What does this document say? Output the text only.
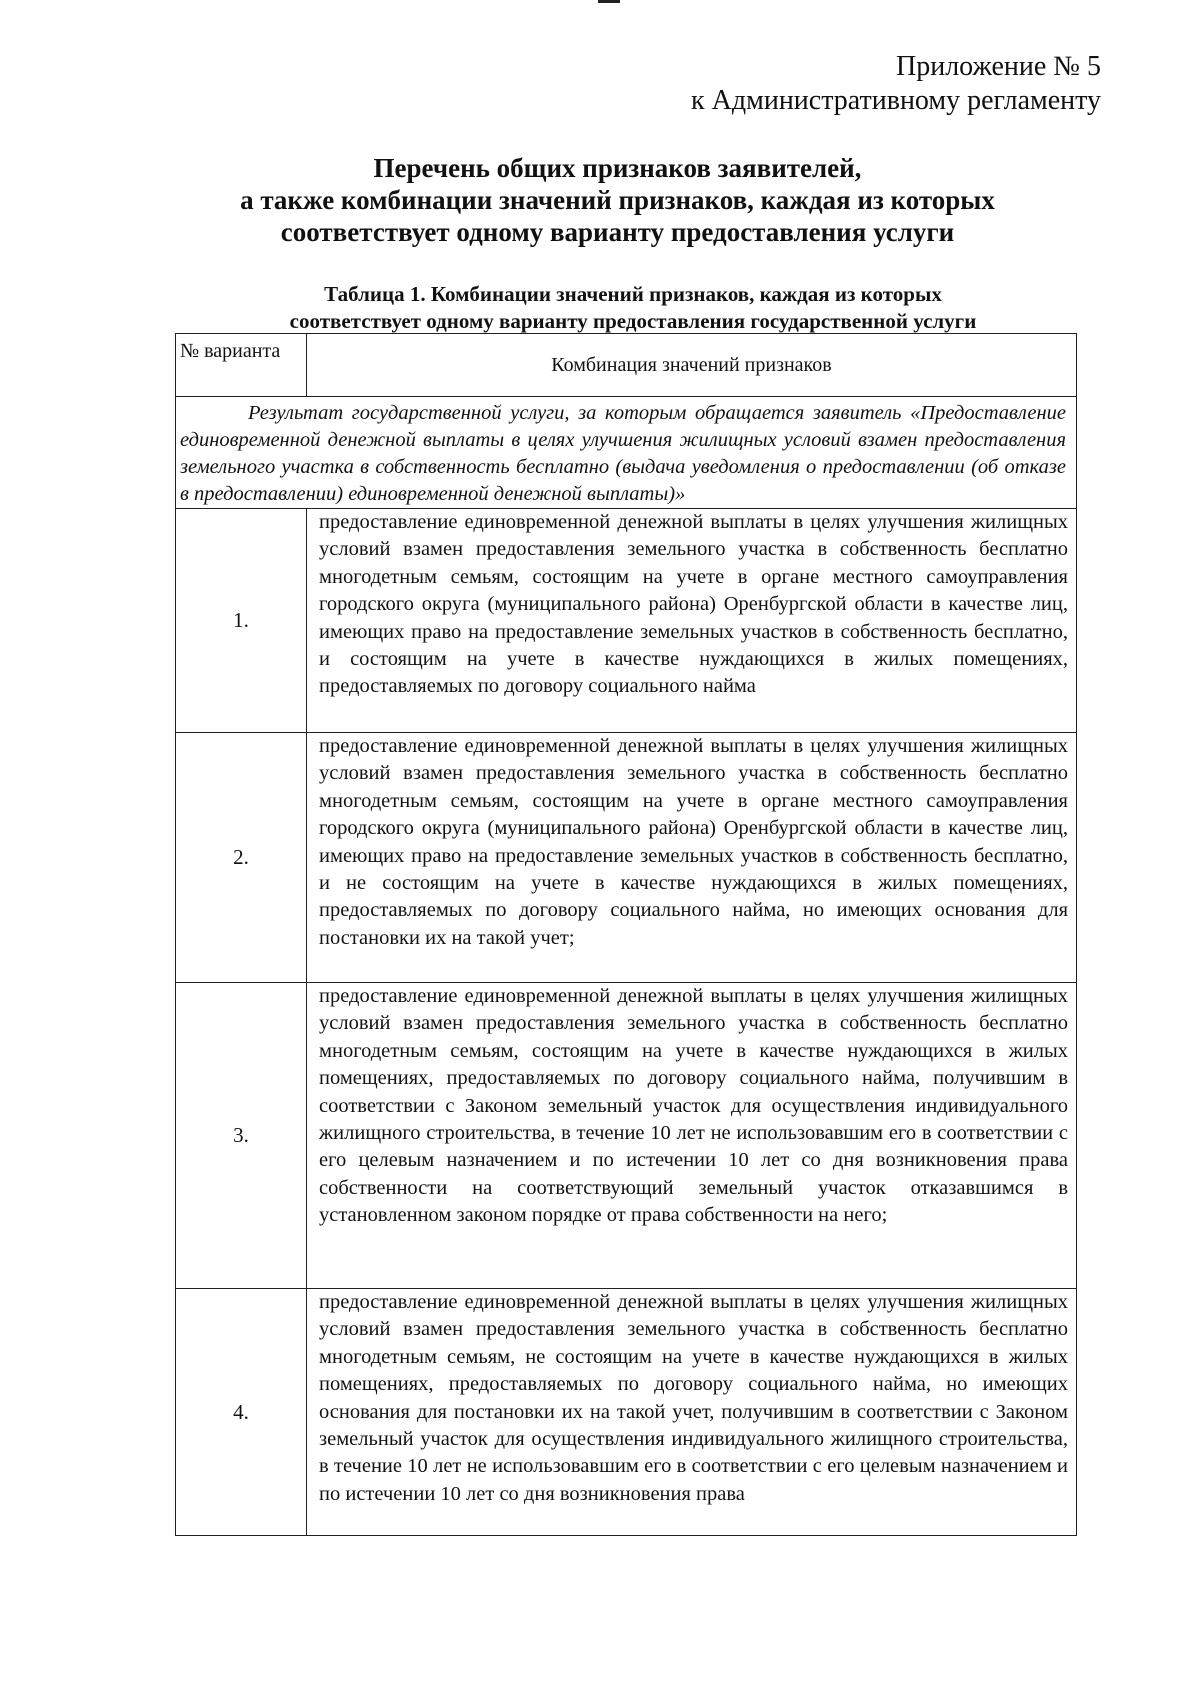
Приложение № 5
к Административному регламенту
Перечень общих признаков заявителей,
а также комбинации значений признаков, каждая из которых
соответствует одному варианту предоставления услуги
Таблица 1. Комбинации значений признаков, каждая из которых
соответствует одному варианту предоставления государственной услуги
№ варианта	Комбинация значений признаков
Результат государственной услуги, за которым обращается заявитель «Предоставление единовременной денежной выплаты в целях улучшения жилищных условий взамен предоставления земельного участка в собственность бесплатно (выдача уведомления о предоставлении (об отказе в предоставлении) единовременной денежной выплаты)»	
1.	предоставление единовременной денежной выплаты в целях улучшения жилищных условий взамен предоставления земельного участка в собственность бесплатно многодетным семьям, состоящим на учете в органе местного самоуправления городского округа (муниципального района) Оренбургской области в качестве лиц, имеющих право на предоставление земельных участков в собственность бесплатно, и состоящим на учете в качестве нуждающихся в жилых помещениях, предоставляемых по договору социального найма
2.	предоставление единовременной денежной выплаты в целях улучшения жилищных условий взамен предоставления земельного участка в собственность бесплатно многодетным семьям, состоящим на учете в органе местного самоуправления городского округа (муниципального района) Оренбургской области в качестве лиц, имеющих право на предоставление земельных участков в собственность бесплатно, и не состоящим на учете в качестве нуждающихся в жилых помещениях, предоставляемых по договору социального найма, но имеющих основания для постановки их на такой учет;
3.	предоставление единовременной денежной выплаты в целях улучшения жилищных условий взамен предоставления земельного участка в собственность бесплатно многодетным семьям, состоящим на учете в качестве нуждающихся в жилых помещениях, предоставляемых по договору социального найма, получившим в соответствии с Законом земельный участок для осуществления индивидуального жилищного строительства, в течение 10 лет не использовавшим его в соответствии с его целевым назначением и по истечении 10 лет со дня возникновения права собственности на соответствующий земельный участок отказавшимся в установленном законом порядке от права собственности на него;
4.	предоставление единовременной денежной выплаты в целях улучшения жилищных условий взамен предоставления земельного участка в собственность бесплатно многодетным семьям, не состоящим на учете в качестве нуждающихся в жилых помещениях, предоставляемых по договору социального найма, но имеющих основания для постановки их на такой учет, получившим в соответствии с Законом земельный участок для осуществления индивидуального жилищного строительства, в течение 10 лет не использовавшим его в соответствии с его целевым назначением и по истечении 10 лет со дня возникновения права
